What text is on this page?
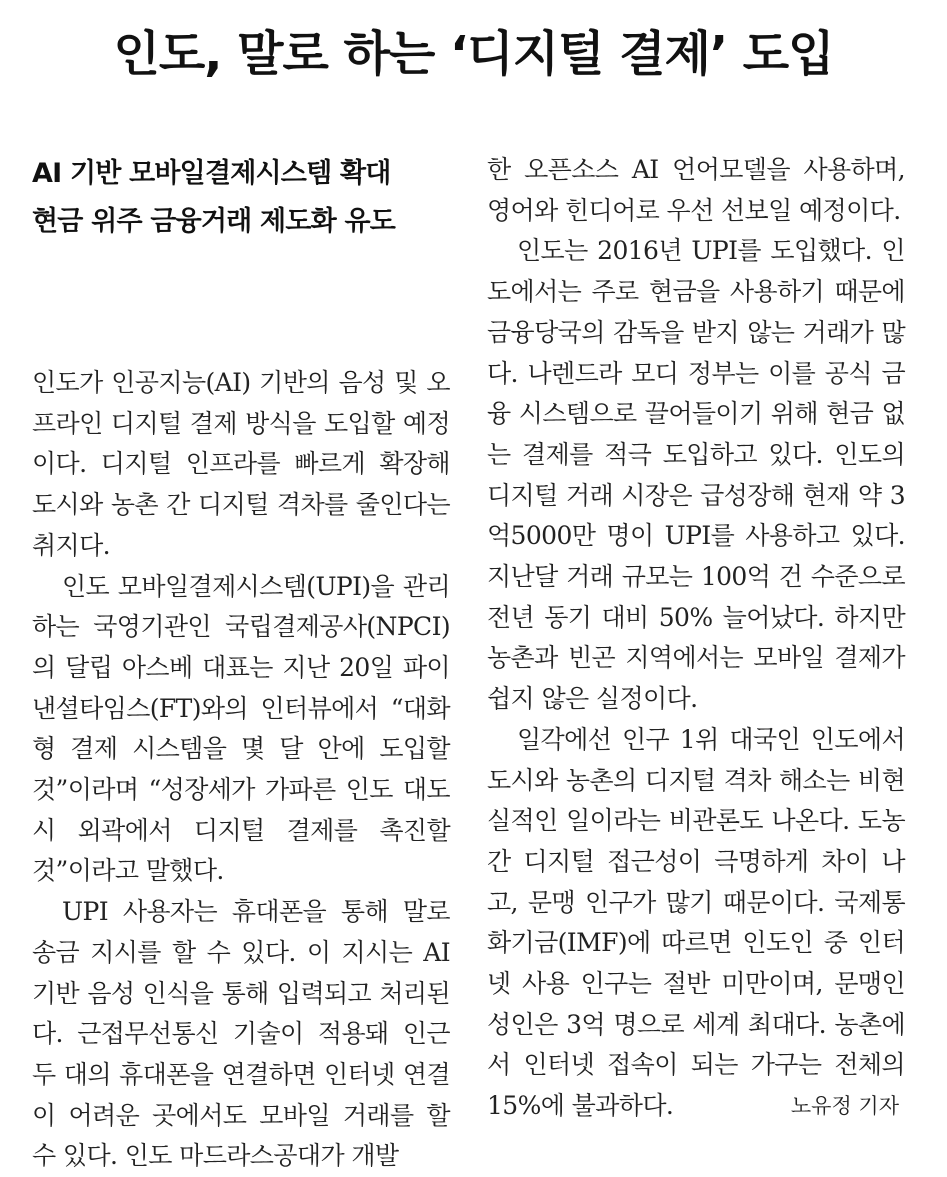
인도, 말로 하는 ‘디지털 결제’ 도입
AI 기반 모바일결제시스템 확대
현금 위주 금융거래 제도화 유도

인도가 인공지능(AI) 기반의 음성 및 오프라인 디지털 결제 방식을 도입할 예정이다. 디지털 인프라를 빠르게 확장해 도시와 농촌 간 디지털 격차를 줄인다는 취지다.

인도 모바일결제시스템(UPI)을 관리하는 국영기관인 국립결제공사(NPCI)의 달립 아스베 대표는 지난 20일 파이낸셜타임스(FT)와의 인터뷰에서 “대화형 결제 시스템을 몇 달 안에 도입할 것”이라며 “성장세가 가파른 인도 대도시 외곽에서 디지털 결제를 촉진할 것”이라고 말했다.

UPI 사용자는 휴대폰을 통해 말로 송금 지시를 할 수 있다. 이 지시는 AI 기반 음성 인식을 통해 입력되고 처리된다. 근접무선통신 기술이 적용돼 인근 두 대의 휴대폰을 연결하면 인터넷 연결이 어려운 곳에서도 모바일 거래를 할 수 있다. 인도 마드라스공대가 개발

한 오픈소스 AI 언어모델을 사용하며, 영어와 힌디어로 우선 선보일 예정이다.

인도는 2016년 UPI를 도입했다. 인도에서는 주로 현금을 사용하기 때문에 금융당국의 감독을 받지 않는 거래가 많다. 나렌드라 모디 정부는 이를 공식 금융 시스템으로 끌어들이기 위해 현금 없는 결제를 적극 도입하고 있다. 인도의 디지털 거래 시장은 급성장해 현재 약 3억5000만 명이 UPI를 사용하고 있다. 지난달 거래 규모는 100억 건 수준으로 전년 동기 대비 50% 늘어났다. 하지만 농촌과 빈곤 지역에서는 모바일 결제가 쉽지 않은 실정이다.

일각에선 인구 1위 대국인 인도에서 도시와 농촌의 디지털 격차 해소는 비현실적인 일이라는 비관론도 나온다. 도농 간 디지털 접근성이 극명하게 차이 나고, 문맹 인구가 많기 때문이다. 국제통화기금(IMF)에 따르면 인도인 중 인터넷 사용 인구는 절반 미만이며, 문맹인 성인은 3억 명으로 세계 최대다. 농촌에서 인터넷 접속이 되는 가구는 전체의 15%에 불과하다.	노유정 기자
